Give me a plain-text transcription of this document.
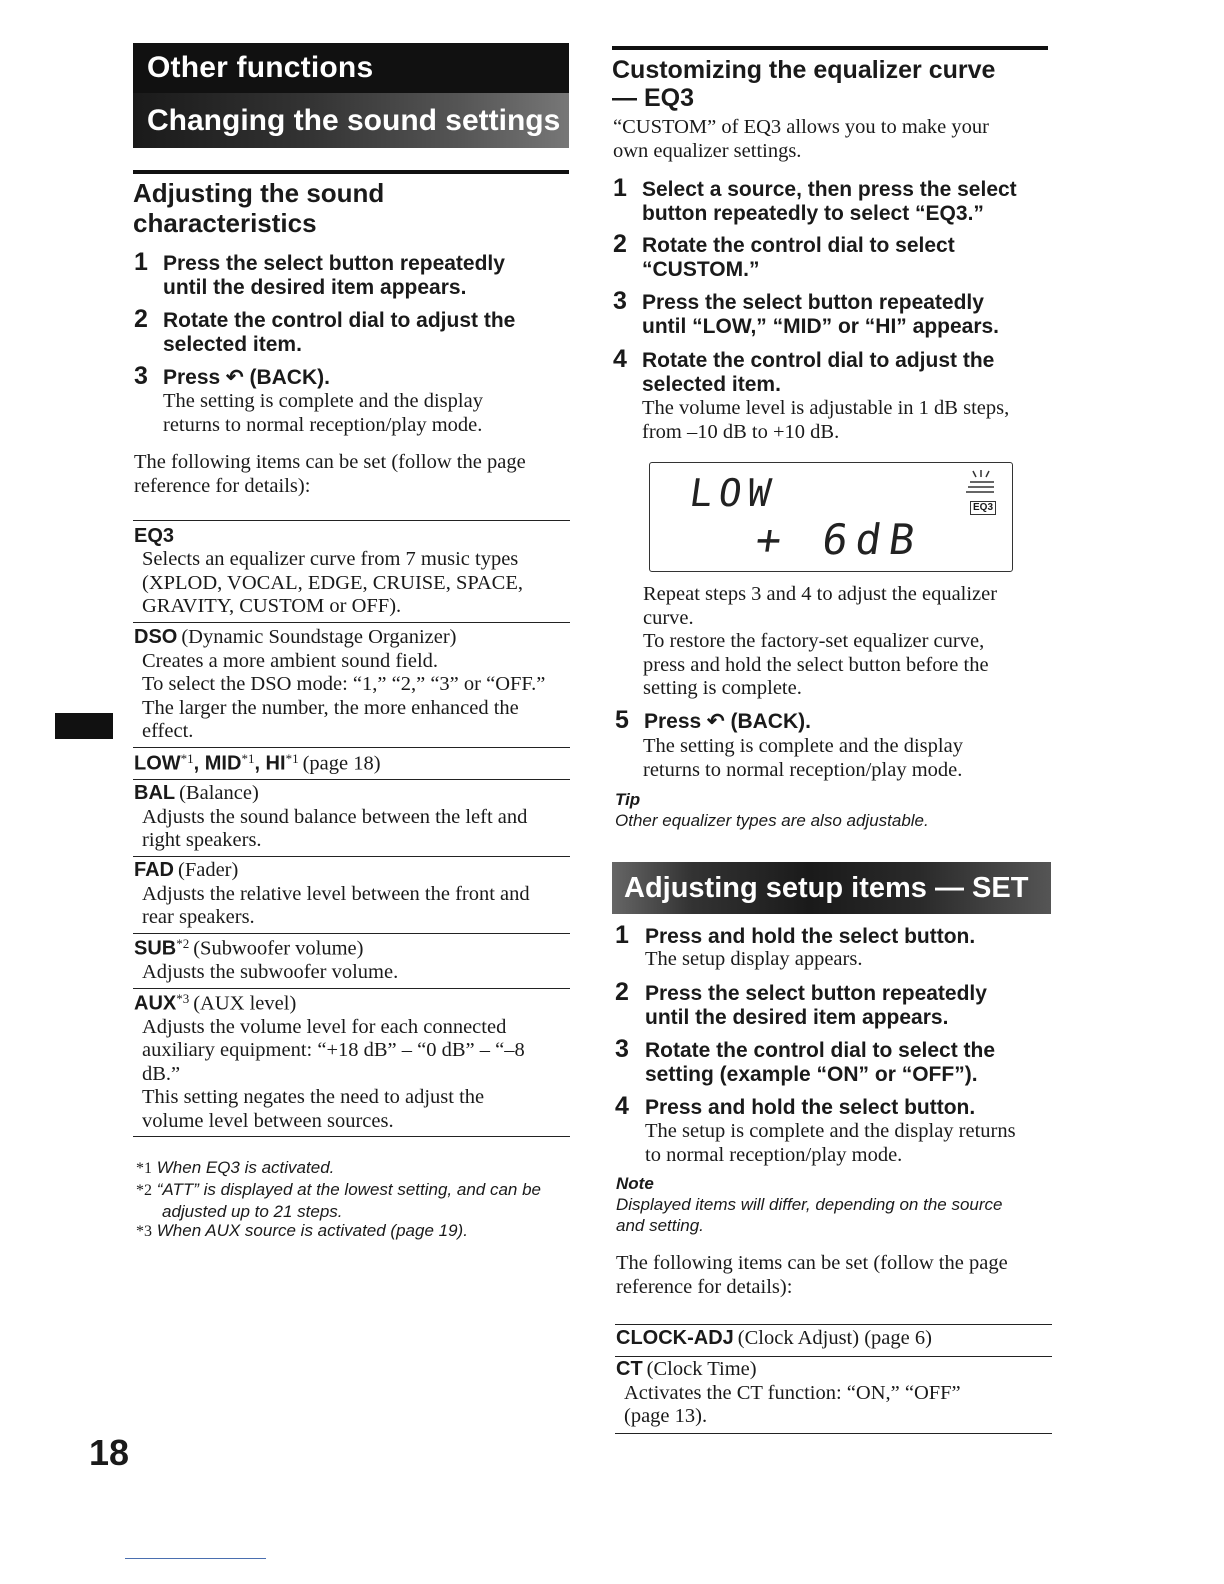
Other functions
Changing the sound settings
Adjusting the sound
characteristics
1 Press the select button repeatedly
until the desired item appears.
2 Rotate the control dial to adjust the
selected item.
3 Press ↶ (BACK).
The setting is complete and the display
returns to normal reception/play mode.
The following items can be set (follow the page
reference for details):
EQ3
Selects an equalizer curve from 7 music types
(XPLOD, VOCAL, EDGE, CRUISE, SPACE,
GRAVITY, CUSTOM or OFF).
DSO (Dynamic Soundstage Organizer)
Creates a more ambient sound field.
To select the DSO mode: “1,” “2,” “3” or “OFF.”
The larger the number, the more enhanced the
effect.
LOW$^{*1}$, MID$^{*1}$, HI$^{*1}$ (page 18)
BAL (Balance)
Adjusts the sound balance between the left and
right speakers.
FAD (Fader)
Adjusts the relative level between the front and
rear speakers.
SUB$^{*2}$ (Subwoofer volume)
Adjusts the subwoofer volume.
AUX$^{*3}$ (AUX level)
Adjusts the volume level for each connected
auxiliary equipment: “+18 dB” – “0 dB” – “–8
dB.”
This setting negates the need to adjust the
volume level between sources.
*1 When EQ3 is activated.
*2 “ATT” is displayed at the lowest setting, and can be
adjusted up to 21 steps.
*3 When AUX source is activated (page 19).
18
Customizing the equalizer curve
— EQ3
“CUSTOM” of EQ3 allows you to make your
own equalizer settings.
1 Select a source, then press the select
button repeatedly to select “EQ3.”
2 Rotate the control dial to select
“CUSTOM.”
3 Press the select button repeatedly
until “LOW,” “MID” or “HI” appears.
4 Rotate the control dial to adjust the
selected item.
The volume level is adjustable in 1 dB steps,
from –10 dB to +10 dB.
LOW
+ 6dB
EQ3
Repeat steps 3 and 4 to adjust the equalizer
curve.
To restore the factory-set equalizer curve,
press and hold the select button before the
setting is complete.
5 Press ↶ (BACK).
The setting is complete and the display
returns to normal reception/play mode.
Tip
Other equalizer types are also adjustable.
Adjusting setup items — SET
1 Press and hold the select button.
The setup display appears.
2 Press the select button repeatedly
until the desired item appears.
3 Rotate the control dial to select the
setting (example “ON” or “OFF”).
4 Press and hold the select button.
The setup is complete and the display returns
to normal reception/play mode.
Note
Displayed items will differ, depending on the source
and setting.
The following items can be set (follow the page
reference for details):
CLOCK-ADJ (Clock Adjust) (page 6)
CT (Clock Time)
Activates the CT function: “ON,” “OFF”
(page 13).
